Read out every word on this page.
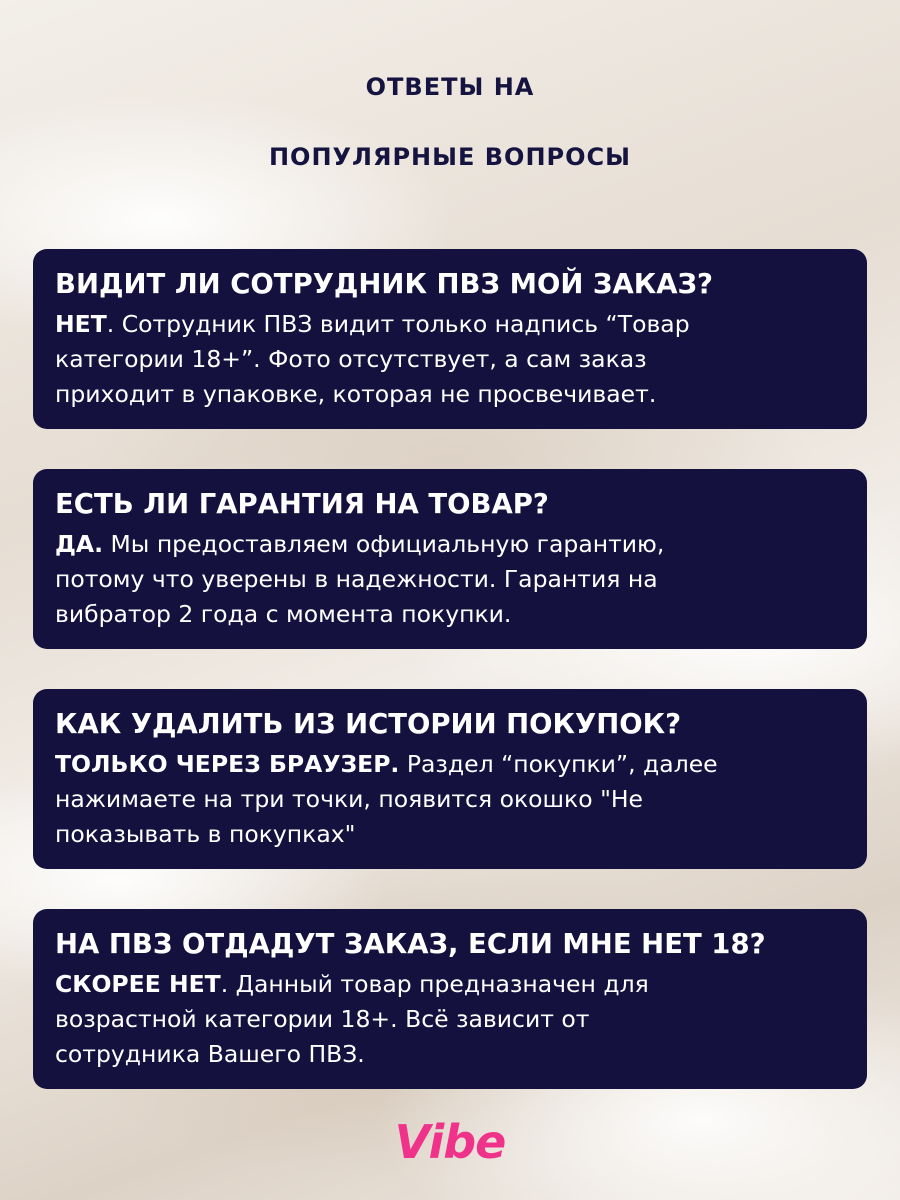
ОТВЕТЫ НА
ПОПУЛЯРНЫЕ ВОПРОСЫ
ВИДИТ ЛИ СОТРУДНИК ПВЗ МОЙ ЗАКАЗ?
НЕТ. Сотрудник ПВЗ видит только надпись “Товар
категории 18+”. Фото отсутствует, а сам заказ
приходит в упаковке, которая не просвечивает.
ЕСТЬ ЛИ ГАРАНТИЯ НА ТОВАР?
ДА. Мы предоставляем официальную гарантию,
потому что уверены в надежности. Гарантия на
вибратор 2 года с момента покупки.
КАК УДАЛИТЬ ИЗ ИСТОРИИ ПОКУПОК?
ТОЛЬКО ЧЕРЕЗ БРАУЗЕР. Раздел “покупки”, далее
нажимаете на три точки, появится окошко "Не
показывать в покупках"
НА ПВЗ ОТДАДУТ ЗАКАЗ, ЕСЛИ МНЕ НЕТ 18?
СКОРЕЕ НЕТ. Данный товар предназначен для
возрастной категории 18+. Всё зависит от
сотрудника Вашего ПВЗ.
Vibe
